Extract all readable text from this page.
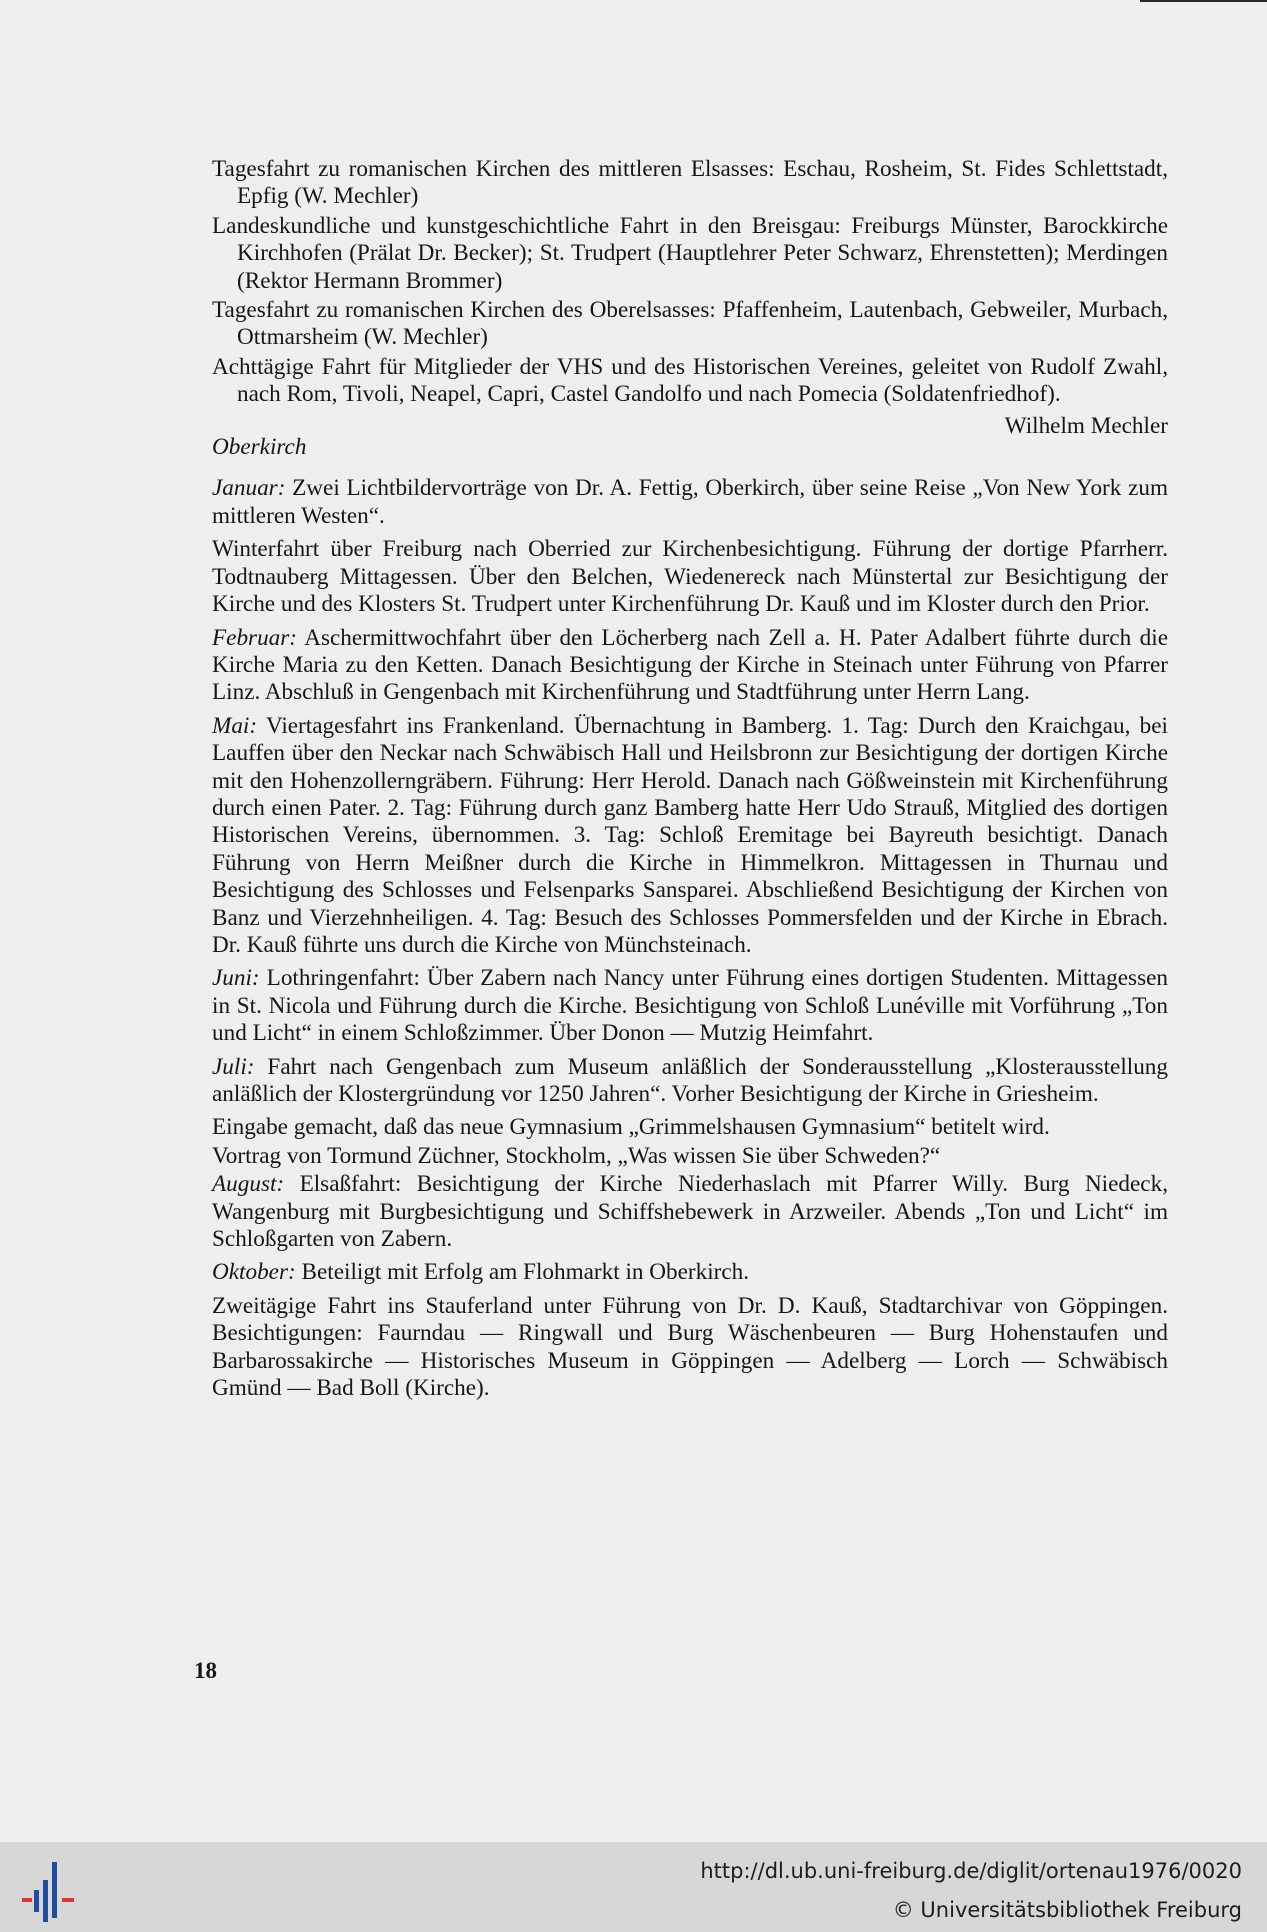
Tagesfahrt zu romanischen Kirchen des mittleren Elsasses: Eschau, Rosheim, St. Fides Schlettstadt, Epfig (W. Mechler)

Landeskundliche und kunstgeschichtliche Fahrt in den Breisgau: Freiburgs Münster, Barockkirche Kirchhofen (Prälat Dr. Becker); St. Trudpert (Hauptlehrer Peter Schwarz, Ehrenstetten); Merdingen (Rektor Hermann Brommer)

Tagesfahrt zu romanischen Kirchen des Oberelsasses: Pfaffenheim, Lautenbach, Gebweiler, Murbach, Ottmarsheim (W. Mechler)

Achttägige Fahrt für Mitglieder der VHS und des Historischen Vereines, geleitet von Rudolf Zwahl, nach Rom, Tivoli, Neapel, Capri, Castel Gandolfo und nach Pomecia (Soldatenfriedhof).

Wilhelm Mechler

Oberkirch

Januar: Zwei Lichtbildervorträge von Dr. A. Fettig, Oberkirch, über seine Reise „Von New York zum mittleren Westen“.

Winterfahrt über Freiburg nach Oberried zur Kirchenbesichtigung. Führung der dortige Pfarrherr. Todtnauberg Mittagessen. Über den Belchen, Wiedenereck nach Münstertal zur Besichtigung der Kirche und des Klosters St. Trudpert unter Kirchenführung Dr. Kauß und im Kloster durch den Prior.

Februar: Aschermittwochfahrt über den Löcherberg nach Zell a. H. Pater Adalbert führte durch die Kirche Maria zu den Ketten. Danach Besichtigung der Kirche in Steinach unter Führung von Pfarrer Linz. Abschluß in Gengenbach mit Kirchenführung und Stadtführung unter Herrn Lang.

Mai: Viertagesfahrt ins Frankenland. Übernachtung in Bamberg. 1. Tag: Durch den Kraichgau, bei Lauffen über den Neckar nach Schwäbisch Hall und Heilsbronn zur Besichtigung der dortigen Kirche mit den Hohenzollerngräbern. Führung: Herr Herold. Danach nach Gößweinstein mit Kirchenführung durch einen Pater. 2. Tag: Führung durch ganz Bamberg hatte Herr Udo Strauß, Mitglied des dortigen Historischen Vereins, übernommen. 3. Tag: Schloß Eremitage bei Bayreuth besichtigt. Danach Führung von Herrn Meißner durch die Kirche in Himmelkron. Mittagessen in Thurnau und Besichtigung des Schlosses und Felsenparks Sansparei. Abschließend Besichtigung der Kirchen von Banz und Vierzehnheiligen. 4. Tag: Besuch des Schlosses Pommersfelden und der Kirche in Ebrach. Dr. Kauß führte uns durch die Kirche von Münchsteinach.

Juni: Lothringenfahrt: Über Zabern nach Nancy unter Führung eines dortigen Studenten. Mittagessen in St. Nicola und Führung durch die Kirche. Besichtigung von Schloß Lunéville mit Vorführung „Ton und Licht“ in einem Schloßzimmer. Über Donon — Mutzig Heimfahrt.

Juli: Fahrt nach Gengenbach zum Museum anläßlich der Sonderausstellung „Klosterausstellung anläßlich der Klostergründung vor 1250 Jahren“. Vorher Besichtigung der Kirche in Griesheim.

Eingabe gemacht, daß das neue Gymnasium „Grimmelshausen Gymnasium“ betitelt wird.

Vortrag von Tormund Züchner, Stockholm, „Was wissen Sie über Schweden?“

August: Elsaßfahrt: Besichtigung der Kirche Niederhaslach mit Pfarrer Willy. Burg Niedeck, Wangenburg mit Burgbesichtigung und Schiffshebewerk in Arzweiler. Abends „Ton und Licht“ im Schloßgarten von Zabern.

Oktober: Beteiligt mit Erfolg am Flohmarkt in Oberkirch.

Zweitägige Fahrt ins Stauferland unter Führung von Dr. D. Kauß, Stadtarchivar von Göppingen. Besichtigungen: Faurndau — Ringwall und Burg Wäschenbeuren — Burg Hohenstaufen und Barbarossakirche — Historisches Museum in Göppingen — Adelberg — Lorch — Schwäbisch Gmünd — Bad Boll (Kirche).

18
http://dl.ub.uni-freiburg.de/diglit/ortenau1976/0020
© Universitätsbibliothek Freiburg
